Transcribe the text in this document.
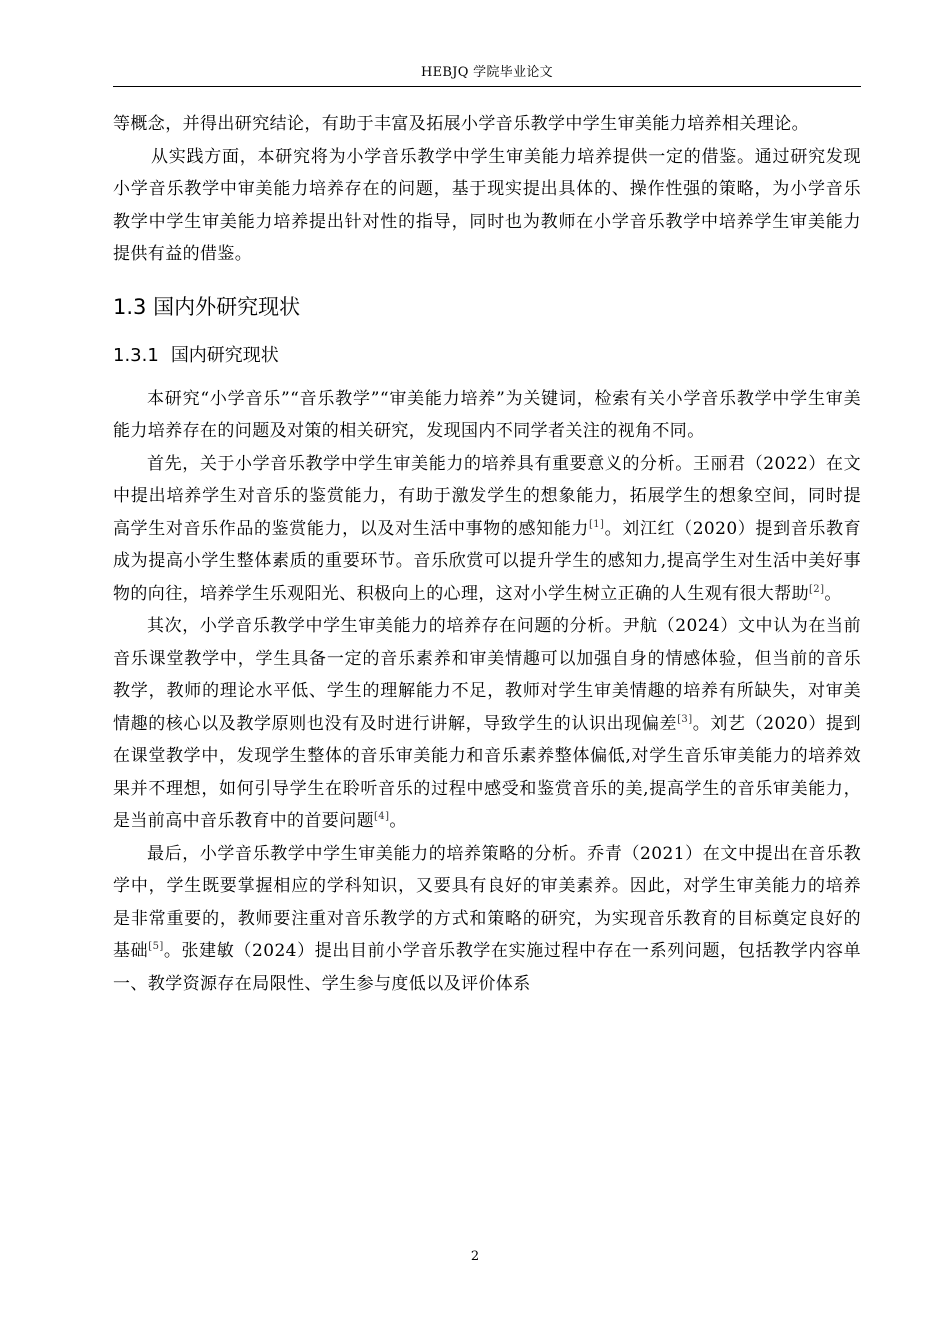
HEBJQ 学院毕业论文

等概念，并得出研究结论，有助于丰富及拓展小学音乐教学中学生审美能力培养相关理论。

从实践方面，本研究将为小学音乐教学中学生审美能力培养提供一定的借鉴。通过研究发现小学音乐教学中审美能力培养存在的问题，基于现实提出具体的、操作性强的策略，为小学音乐教学中学生审美能力培养提出针对性的指导，同时也为教师在小学音乐教学中培养学生审美能力提供有益的借鉴。

1.3 国内外研究现状
1.3.1 国内研究现状

本研究“小学音乐”“音乐教学”“审美能力培养”为关键词，检索有关小学音乐教学中学生审美能力培养存在的问题及对策的相关研究，发现国内不同学者关注的视角不同。

首先，关于小学音乐教学中学生审美能力的培养具有重要意义的分析。王丽君（2022）在文中提出培养学生对音乐的鉴赏能力，有助于激发学生的想象能力，拓展学生的想象空间，同时提高学生对音乐作品的鉴赏能力，以及对生活中事物的感知能力[1]。刘江红（2020）提到音乐教育成为提高小学生整体素质的重要环节。音乐欣赏可以提升学生的感知力,提高学生对生活中美好事物的向往，培养学生乐观阳光、积极向上的心理，这对小学生树立正确的人生观有很大帮助[2]。

其次，小学音乐教学中学生审美能力的培养存在问题的分析。尹航（2024）文中认为在当前音乐课堂教学中，学生具备一定的音乐素养和审美情趣可以加强自身的情感体验，但当前的音乐教学，教师的理论水平低、学生的理解能力不足，教师对学生审美情趣的培养有所缺失，对审美情趣的核心以及教学原则也没有及时进行讲解，导致学生的认识出现偏差[3]。刘艺（2020）提到在课堂教学中，发现学生整体的音乐审美能力和音乐素养整体偏低,对学生音乐审美能力的培养效果并不理想，如何引导学生在聆听音乐的过程中感受和鉴赏音乐的美,提高学生的音乐审美能力，是当前高中音乐教育中的首要问题[4]。

最后，小学音乐教学中学生审美能力的培养策略的分析。乔青（2021）在文中提出在音乐教学中，学生既要掌握相应的学科知识，又要具有良好的审美素养。因此，对学生审美能力的培养是非常重要的，教师要注重对音乐教学的方式和策略的研究，为实现音乐教育的目标奠定良好的基础[5]。张建敏（2024）提出目前小学音乐教学在实施过程中存在一系列问题，包括教学内容单一、教学资源存在局限性、学生参与度低以及评价体系

2
